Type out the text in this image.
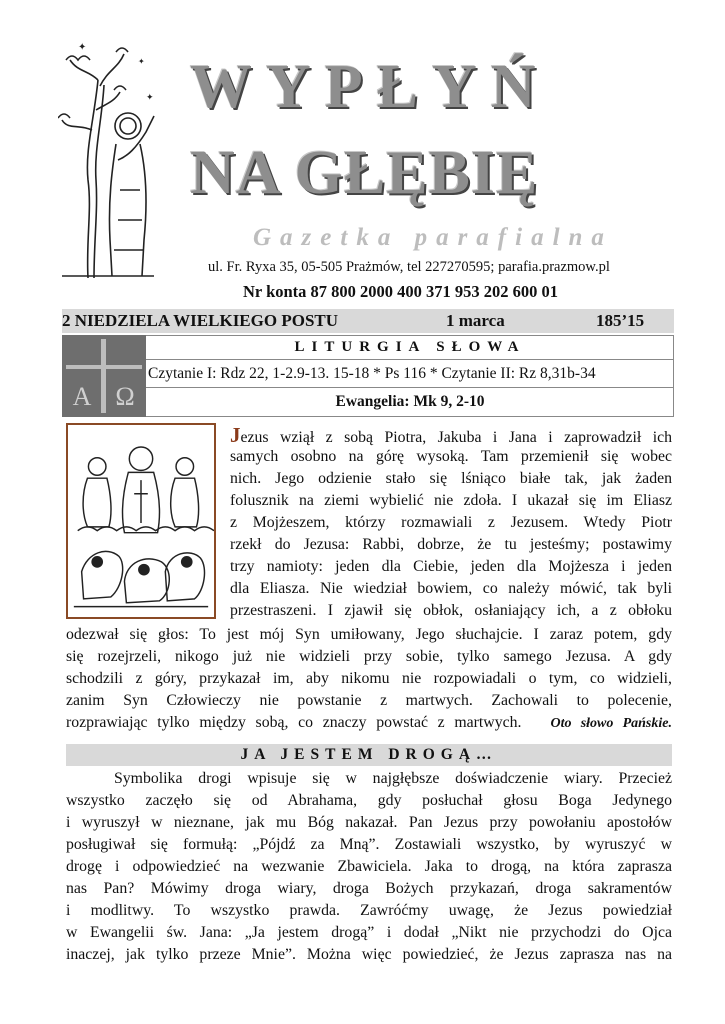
✦
✦
✦ WYPŁYŃ
NA GŁĘBIĘ
Gazetka parafialna
ul. Fr. Ryxa 35, 05-505 Prażmów, tel 227270595; parafia.prazmow.pl
Nr konta 87 800 2000 400 371 953 202 600 01
2 NIEDZIELA WIELKIEGO POSTU	1 marca	185’15
A Ω
LITURGIA SŁOWA
Czytanie I: Rdz 22, 1-2.9-13. 15-18 * Ps 116 * Czytanie II: Rz 8,31b-34
Ewangelia: Mk 9, 2-10
Jezus wziął z sobą Piotra, Jakuba i Jana i zaprowadził ich
samych osobno na górę wysoką. Tam przemienił się wobec
nich. Jego odzienie stało się lśniąco białe tak, jak żaden
folusznik na ziemi wybielić nie zdoła. I ukazał się im Eliasz
z Mojżeszem, którzy rozmawiali z Jezusem. Wtedy Piotr
rzekł do Jezusa: Rabbi, dobrze, że tu jesteśmy; postawimy
trzy namioty: jeden dla Ciebie, jeden dla Mojżesza i jeden
dla Eliasza. Nie wiedział bowiem, co należy mówić, tak byli
przestraszeni. I zjawił się obłok, osłaniający ich, a z obłoku
odezwał się głos: To jest mój Syn umiłowany, Jego słuchajcie. I zaraz potem, gdy
się rozejrzeli, nikogo już nie widzieli przy sobie, tylko samego Jezusa. A gdy
schodzili z góry, przykazał im, aby nikomu nie rozpowiadali o tym, co widzieli,
zanim Syn Człowieczy nie powstanie z martwych. Zachowali to polecenie,
rozprawiając tylko między sobą, co znaczy powstać z martwych. Oto słowo Pańskie.
JA JESTEM DROGĄ…
Symbolika drogi wpisuje się w najgłębsze doświadczenie wiary. Przecież
wszystko zaczęło się od Abrahama, gdy posłuchał głosu Boga Jedynego
i wyruszył w nieznane, jak mu Bóg nakazał. Pan Jezus przy powołaniu apostołów
posługiwał się formułą: „Pójdź za Mną”. Zostawiali wszystko, by wyruszyć w
drogę i odpowiedzieć na wezwanie Zbawiciela. Jaka to drogą, na która zaprasza
nas Pan? Mówimy droga wiary, droga Bożych przykazań, droga sakramentów
i modlitwy. To wszystko prawda. Zawróćmy uwagę, że Jezus powiedział
w Ewangelii św. Jana: „Ja jestem drogą” i dodał „Nikt nie przychodzi do Ojca
inaczej, jak tylko przeze Mnie”. Można więc powiedzieć, że Jezus zaprasza nas na
